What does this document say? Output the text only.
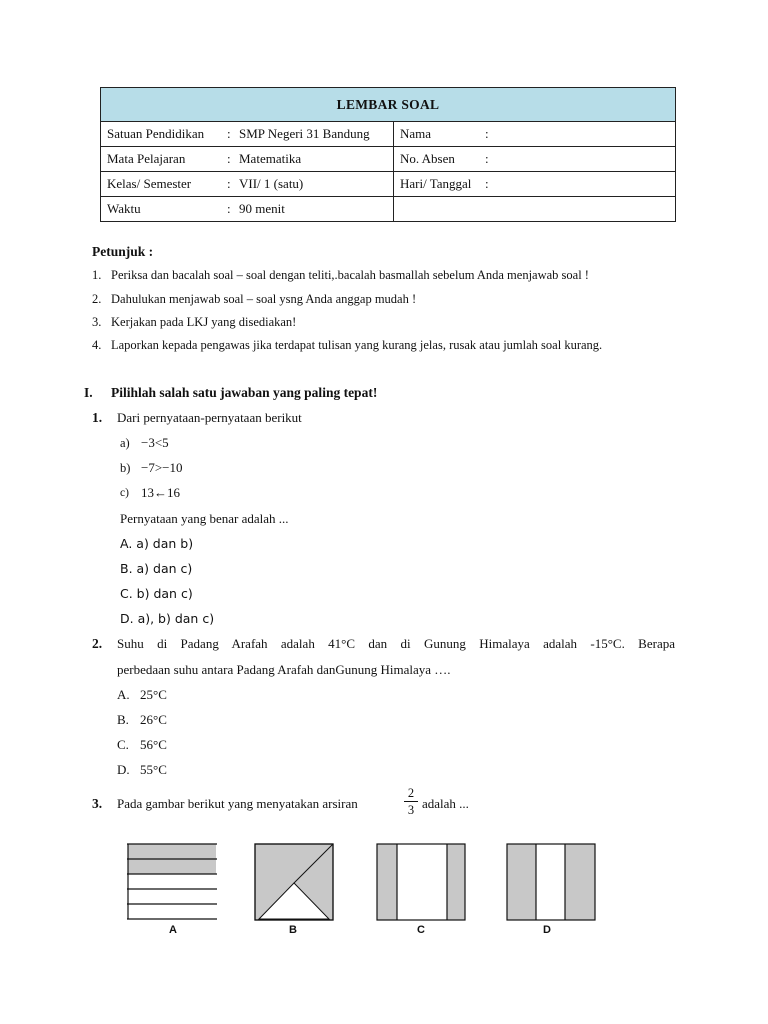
LEMBAR SOAL	
Satuan Pendidikan : SMP Negeri 31 Bandung	Nama :
Mata Pelajaran : Matematika	No. Absen :
Kelas/ Semester : VII/ 1 (satu)	Hari/ Tanggal :
Waktu : 90 menit	
Petunjuk :
1. Periksa dan bacalah soal – soal dengan teliti,.bacalah basmallah sebelum Anda menjawab soal !
2. Dahulukan menjawab soal – soal ysng Anda anggap mudah !
3. Kerjakan pada LKJ yang disediakan!
4. Laporkan kepada pengawas jika terdapat tulisan yang kurang jelas, rusak atau jumlah soal kurang.
I. Pilihlah salah satu jawaban yang paling tepat!
1. Dari pernyataan-pernyataan berikut
a) −3<5
b) −7>−10
c) 13←16
Pernyataan yang benar adalah ...
A. a) dan b)
B. a) dan c)
C. b) dan c)
D. a), b) dan c)
2. Suhu di Padang Arafah adalah 41°C dan di Gunung Himalaya adalah -15°C. Berapa
perbedaan suhu antara Padang Arafah danGunung Himalaya ….
A. 25°C
B. 26°C
C. 56°C
D. 55°C
3. Pada gambar berikut yang menyatakan arsiran
2
3 adalah ...
A	B	C	D
